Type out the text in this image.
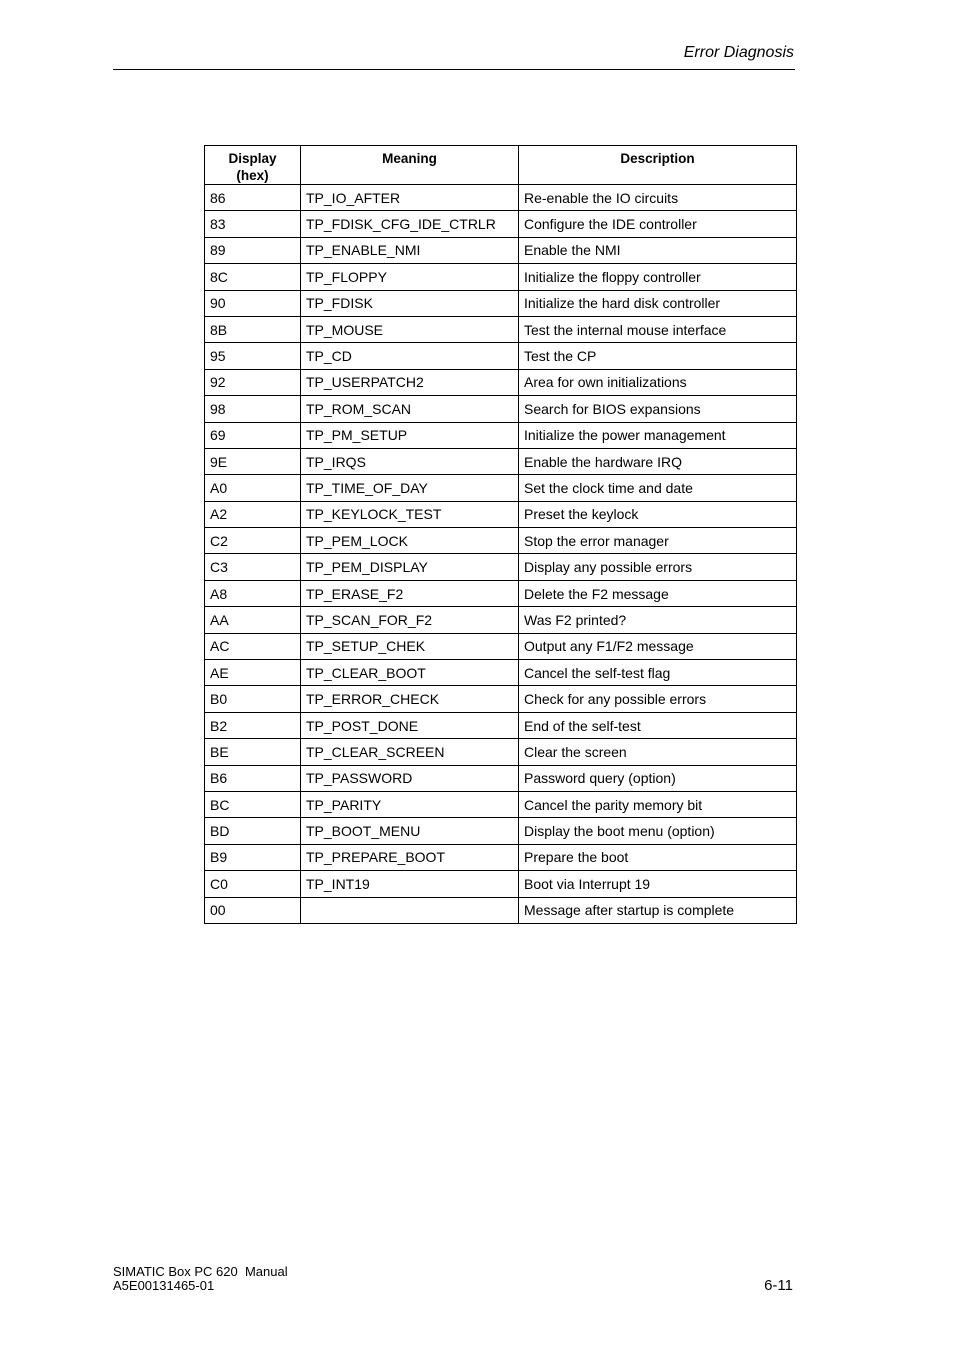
Error Diagnosis
Display
(hex)	Meaning	Description
86	TP_IO_AFTER	Re-enable the IO circuits
83	TP_FDISK_CFG_IDE_CTRLR	Configure the IDE controller
89	TP_ENABLE_NMI	Enable the NMI
8C	TP_FLOPPY	Initialize the floppy controller
90	TP_FDISK	Initialize the hard disk controller
8B	TP_MOUSE	Test the internal mouse interface
95	TP_CD	Test the CP
92	TP_USERPATCH2	Area for own initializations
98	TP_ROM_SCAN	Search for BIOS expansions
69	TP_PM_SETUP	Initialize the power management
9E	TP_IRQS	Enable the hardware IRQ
A0	TP_TIME_OF_DAY	Set the clock time and date
A2	TP_KEYLOCK_TEST	Preset the keylock
C2	TP_PEM_LOCK	Stop the error manager
C3	TP_PEM_DISPLAY	Display any possible errors
A8	TP_ERASE_F2	Delete the F2 message
AA	TP_SCAN_FOR_F2	Was F2 printed?
AC	TP_SETUP_CHEK	Output any F1/F2 message
AE	TP_CLEAR_BOOT	Cancel the self-test flag
B0	TP_ERROR_CHECK	Check for any possible errors
B2	TP_POST_DONE	End of the self-test
BE	TP_CLEAR_SCREEN	Clear the screen
B6	TP_PASSWORD	Password query (option)
BC	TP_PARITY	Cancel the parity memory bit
BD	TP_BOOT_MENU	Display the boot menu (option)
B9	TP_PREPARE_BOOT	Prepare the boot
C0	TP_INT19	Boot via Interrupt 19
00		Message after startup is complete
SIMATIC Box PC 620  Manual
A5E00131465-01	6-11
